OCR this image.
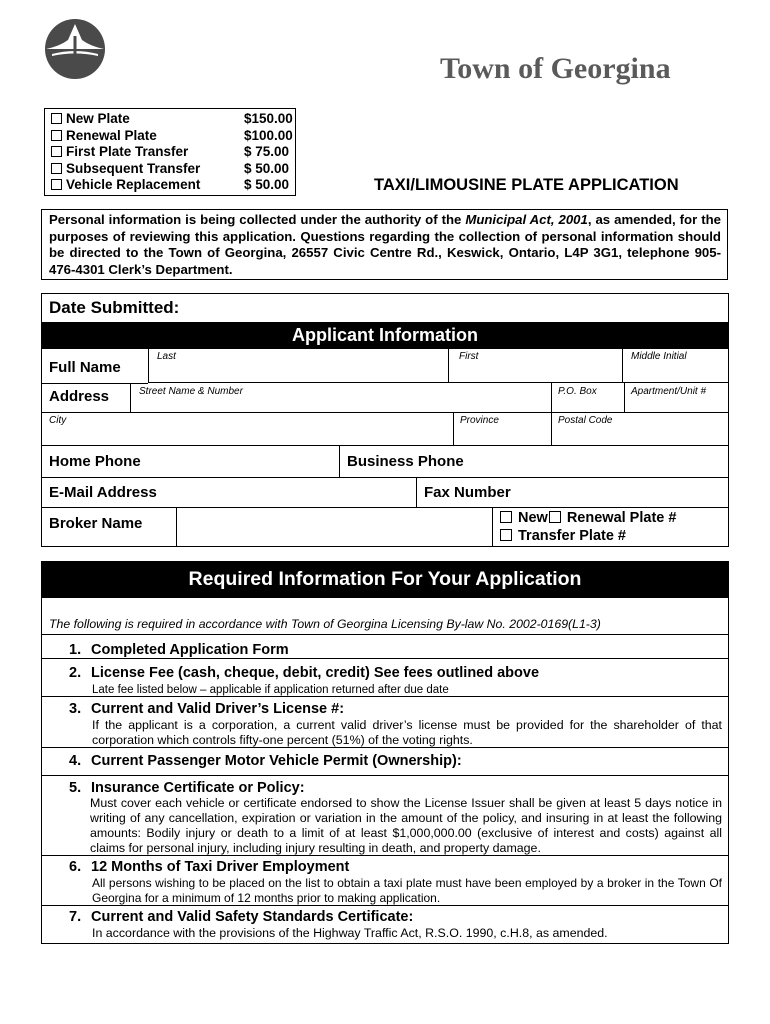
Town of Georgina
New Plate	$150.00
Renewal Plate	$100.00
First Plate Transfer	$ 75.00
Subsequent Transfer	$ 50.00
Vehicle Replacement	$ 50.00	TAXI/LIMOUSINE PLATE APPLICATION
Personal information is being collected under the authority of the Municipal Act, 2001, as amended, for the purposes of reviewing this application. Questions regarding the collection of personal information should be directed to the Town of Georgina, 26557 Civic Centre Rd., Keswick, Ontario, L4P 3G1, telephone 905-476-4301 Clerk’s Department.
Date Submitted:
Applicant Information
Full Name
Last	First	Middle Initial
Address	Street Name & Number	P.O. Box	Apartment/Unit #
City	Province	Postal Code
Home Phone	Business Phone
E-Mail Address	Fax Number
Broker Name	New Renewal Plate #
Transfer Plate #
Required Information For Your Application
The following is required in accordance with Town of Georgina Licensing By-law No. 2002-0169(L1-3)
1. Completed Application Form
2. License Fee (cash, cheque, debit, credit) See fees outlined above
Late fee listed below – applicable if application returned after due date
3. Current and Valid Driver’s License #:
If the applicant is a corporation, a current valid driver’s license must be provided for the shareholder of that corporation which controls fifty-one percent (51%) of the voting rights.
4. Current Passenger Motor Vehicle Permit (Ownership):
5. Insurance Certificate or Policy:
Must cover each vehicle or certificate endorsed to show the License Issuer shall be given at least 5 days notice in writing of any cancellation, expiration or variation in the amount of the policy, and insuring in at least the following amounts: Bodily injury or death to a limit of at least $1,000,000.00 (exclusive of interest and costs) against all claims for personal injury, including injury resulting in death, and property damage.
6. 12 Months of Taxi Driver Employment
All persons wishing to be placed on the list to obtain a taxi plate must have been employed by a broker in the Town Of Georgina for a minimum of 12 months prior to making application.
7. Current and Valid Safety Standards Certificate:
In accordance with the provisions of the Highway Traffic Act, R.S.O. 1990, c.H.8, as amended.
